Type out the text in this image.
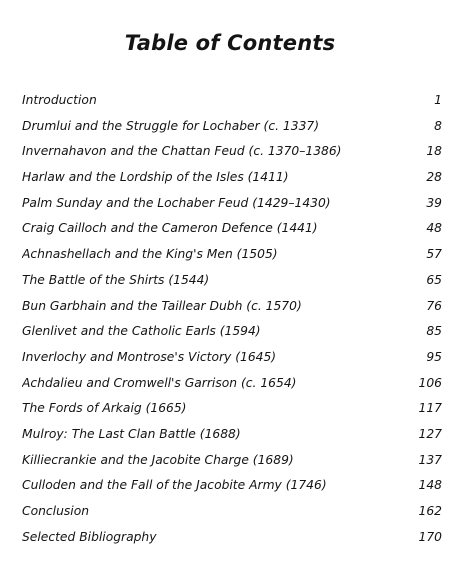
Table of Contents
Introduction	1
Drumlui and the Struggle for Lochaber (c. 1337)	8
Invernahavon and the Chattan Feud (c. 1370–1386)	18
Harlaw and the Lordship of the Isles (1411)	28
Palm Sunday and the Lochaber Feud (1429–1430)	39
Craig Cailloch and the Cameron Defence (1441)	48
Achnashellach and the King's Men (1505)	57
The Battle of the Shirts (1544)	65
Bun Garbhain and the Taillear Dubh (c. 1570)	76
Glenlivet and the Catholic Earls (1594)	85
Inverlochy and Montrose's Victory (1645)	95
Achdalieu and Cromwell's Garrison (c. 1654)	106
The Fords of Arkaig (1665)	117
Mulroy: The Last Clan Battle (1688)	127
Killiecrankie and the Jacobite Charge (1689)	137
Culloden and the Fall of the Jacobite Army (1746)	148
Conclusion	162
Selected Bibliography	170
